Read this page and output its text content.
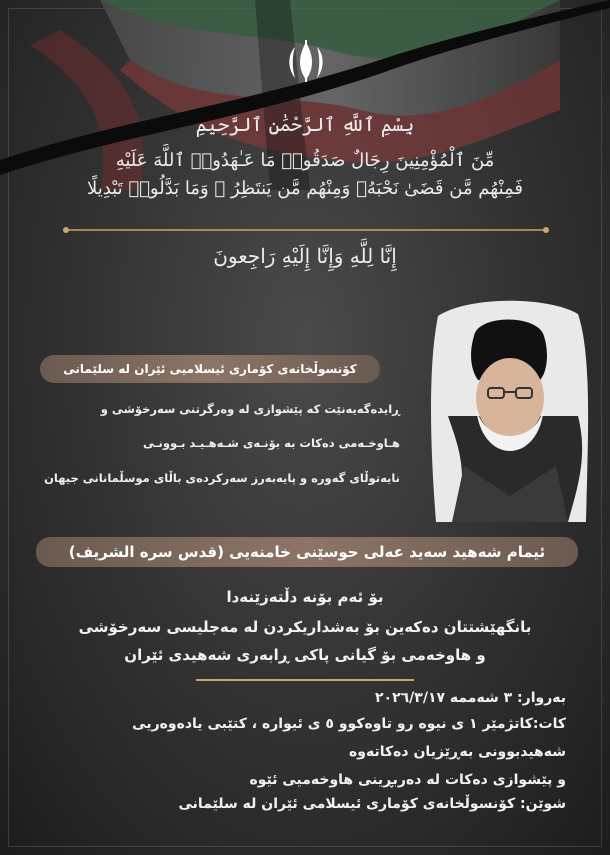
بِسْمِ ٱللَّهِ ٱلرَّحْمَٰنِ ٱلرَّحِيمِ
مِّنَ ٱلْمُؤْمِنِينَ رِجَالٌ صَدَقُوا۟ مَا عَـٰهَدُوا۟ ٱللَّهَ عَلَيْهِ
فَمِنْهُم مَّن قَضَىٰ نَحْبَهُۥ وَمِنْهُم مَّن يَنتَظِرُ ۖ وَمَا بَدَّلُوا۟ تَبْدِيلًا
إِنَّا لِلَّهِ وَإِنَّا إِلَيْهِ رَاجِعونَ
کۆنسوڵخانەی کۆماری ئیسلامیی ئێران لە سلێمانی
ڕایدەگەیەنێت کە پێشوازی لە وەرگرتنی سەرخۆشی و
هـاوخـەمی دەکات بە بۆنـەی شـەهـیـد بـوونـی
نایەتوڵای گەورە و پایەبەرز سەرکردەی باڵای موسڵمانانی جیهان
ئیمام شەهید سەید عەلی حوسێنی خامنەیی (قدس سره الشريف)
بۆ ئەم بۆنە دڵتەزێنەدا
بانگهێشتتان دەکەین بۆ بەشداریکردن لە مەجلیسی سەرخۆشی
و هاوخەمی بۆ گیانی پاکی ڕابەری شەهیدی ئێران
بەروار: ٣ شەممە ٢٠٢٦/٣/١٧
کات:کاتژمێر ١ ی نیوە رو تاوەکوو ٥ ی ئیوارە ، کتێبی یادەوەریی
شەهیدبوونی بەڕێزیان دەکاتەوە
و پێشوازی دەکات لە دەربڕینی هاوخەمیی ئێوە
شوێن: کۆنسوڵخانەی کۆماری ئیسلامی ئێران لە سلێمانی
